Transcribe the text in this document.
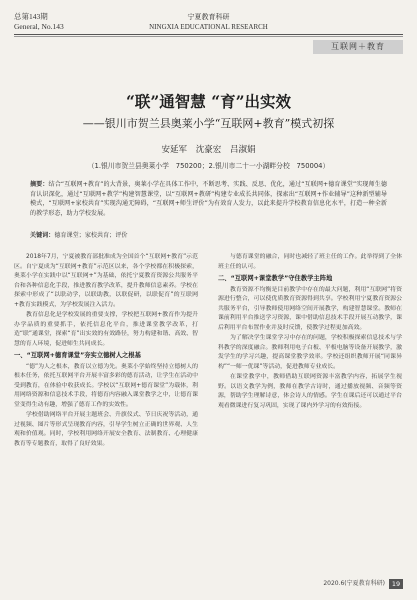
总第143期
General, No.143
宁夏教育科研
NINGXIA EDUCATIONAL RESEARCH
互联网＋教育
“联”通智慧 “育”出实效
——银川市贺兰县奥莱小学“互联网+教育”模式初探
安延军 沈豪宏 吕淑娟
（1.银川市贺兰县奥莱小学　750200；2.银川市二十一小湖畔分校　750004）
摘要：结合“互联网+教育”的大背景，奥莱小学在具体工作中，不断思考、实践、反思、优化，通过“互联网+德育课堂”实现师生德育认识深化，通过“互联网+教学”构建智慧课堂，以“互联网+教研”构建专业成长共同体，探索出“互联网+作业辅导”这种新型辅导模式，“互联网+家校共育”实现沟通无障碍，“互联网+师生评价”为有效育人发力，以此来提升学校教育信息化水平，打造一种全新的教学形态，助力学校发展。
关键词：德育课堂；家校共育；评价

2018年7月，宁夏被教育部批准成为全国首个“互联网+教育”示范区。自宁夏成为“互联网+教育”示范区以来，各个学校都在积极探索，奥莱小学在实践中以“互联网+”为基础，依托宁夏教育资源公共服务平台和各种信息化手段，推进教育教学改革，提升教师信息素养。学校在探索中形成了“以联动学，以联助教，以联促研，以联促育”的互联网+教育实践模式，为学校发展注入活力。

教育信息化是学校发展的重要支撑，学校把互联网+教育作为提升办学品质的重要抓手，依托信息化平台，推进课堂教学改革，打造“联”通课堂，探索“育”出实效的有效路径，努力构建和谐、高效、智慧的育人环境，促进师生共同成长。

一、“互联网+德育课堂”夯实立德树人之根基

“德”为人之根本，教育以立德为先。奥莱小学始终坚持立德树人的根本任务，依托互联网平台开展丰富多彩的德育活动，让学生在活动中受到教育，在体验中收获成长。学校以“互联网+德育课堂”为载体，利用网络资源和信息技术手段，将德育内容融入课堂教学之中，让德育课堂变得生动有趣，增强了德育工作的实效性。

学校借助网络平台开展主题班会、升旗仪式、节日庆祝等活动，通过视频、图片等形式呈现教育内容，引导学生树立正确的世界观、人生观和价值观。同时，学校利用网络开展安全教育、法制教育、心理健康教育等专题教育，取得了良好效果。

与德育课堂的融合，同时也减轻了班主任的工作。此举得到了全体班主任的认可。

二、“互联网+课堂教学”守住教学主阵地

教育资源不均衡是目前教学中存在的最大问题，利用“互联网”将资源进行整合，可以使优质教育资源得到共享。学校利用宁夏教育资源公共服务平台，引导教师使用网络空间开展教学，构建智慧课堂。教师在课前利用平台推送学习资源，课中借助信息技术手段开展互动教学，课后利用平台布置作业并及时反馈，使教学过程更加高效。

为了解决学生课堂学习中存在的问题，学校积极探索信息技术与学科教学的深度融合。教师利用电子白板、平板电脑等设备开展教学，激发学生的学习兴趣，提高课堂教学效率。学校还组织教师开展“同课异构”“一师一优课”等活动，促进教师专业成长。

在课堂教学中，教师借助互联网资源丰富教学内容，拓展学生视野。以语文教学为例，教师在教学古诗时，通过播放视频、音频等资源，帮助学生理解诗意，体会诗人的情感。学生在课后还可以通过平台观看微课进行复习巩固，实现了课内外学习的有效衔接。

2020.6(宁夏教育科研)	19
